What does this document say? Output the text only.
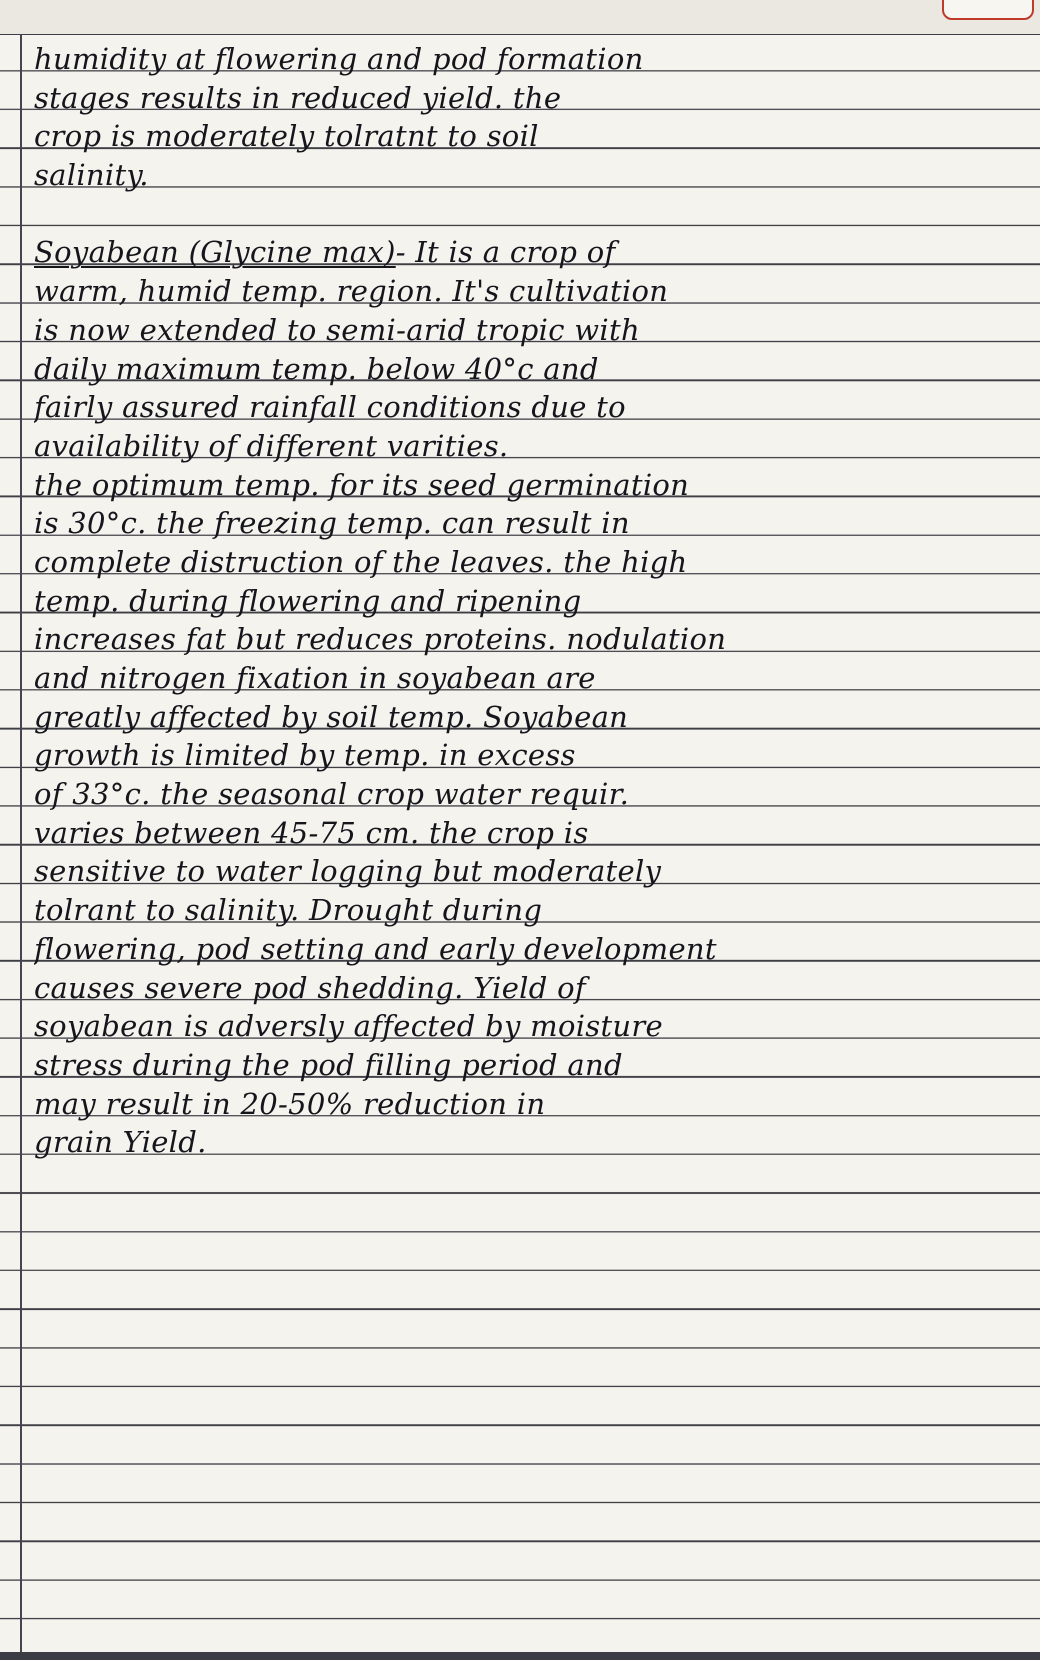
humidity at flowering and pod formation
stages results in reduced yield. the
crop is moderately tolratnt to soil
salinity.
Soyabean (Glycine max)- It is a crop of
warm, humid temp. region. It's cultivation
is now extended to semi-arid tropic with
daily maximum temp. below 40°c and
fairly assured rainfall conditions due to
availability of different varities.
the optimum temp. for its seed germination
is 30°c. the freezing temp. can result in
complete distruction of the leaves. the high
temp. during flowering and ripening
increases fat but reduces proteins. nodulation
and nitrogen fixation in soyabean are
greatly affected by soil temp. Soyabean
growth is limited by temp. in excess
of 33°c. the seasonal crop water requir.
varies between 45-75 cm. the crop is
sensitive to water logging but moderately
tolrant to salinity. Drought during
flowering, pod setting and early development
causes severe pod shedding. Yield of
soyabean is adversly affected by moisture
stress during the pod filling period and
may result in 20-50% reduction in
grain Yield.
